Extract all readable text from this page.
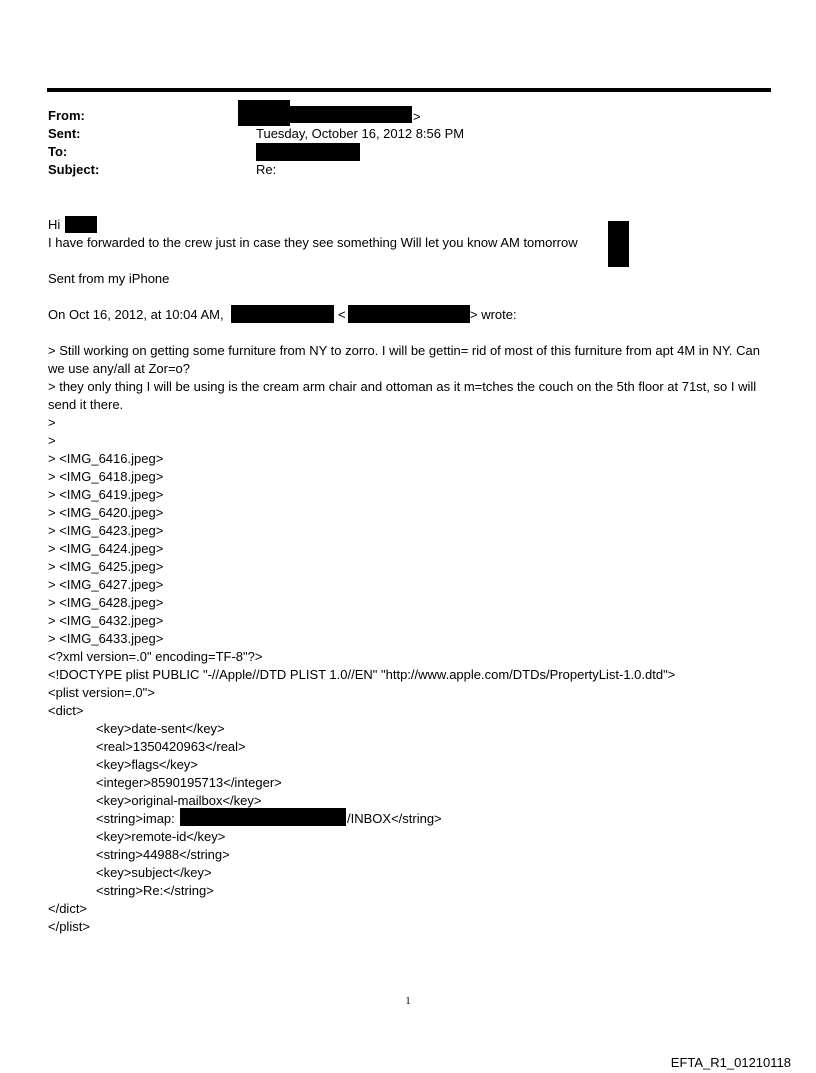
From:	>
Sent:	Tuesday, October 16, 2012 8:56 PM
To:
Subject:	Re:
Hi
I have forwarded to the crew just in case they see something Will let you know AM tomorrow
Sent from my iPhone
On Oct 16, 2012, at 10:04 AM,	<	> wrote:
> Still working on getting some furniture from NY to zorro. I will be gettin= rid of most of this furniture from apt 4M in NY. Can we use any/all at Zor=o?
> they only thing I will be using is the cream arm chair and ottoman as it m=tches the couch on the 5th floor at 71st, so I will send it there.
>
>
> <IMG_6416.jpeg>
> <IMG_6418.jpeg>
> <IMG_6419.jpeg>
> <IMG_6420.jpeg>
> <IMG_6423.jpeg>
> <IMG_6424.jpeg>
> <IMG_6425.jpeg>
> <IMG_6427.jpeg>
> <IMG_6428.jpeg>
> <IMG_6432.jpeg>
> <IMG_6433.jpeg>
<?xml version=.0" encoding=TF-8"?>
<!DOCTYPE plist PUBLIC "-//Apple//DTD PLIST 1.0//EN" "http://www.apple.com/DTDs/PropertyList-1.0.dtd">
<plist version=.0">
<dict>
<key>date-sent</key>
<real>1350420963</real>
<key>flags</key>
<integer>8590195713</integer>
<key>original-mailbox</key>
<string>imap:	/INBOX</string>
<key>remote-id</key>
<string>44988</string>
<key>subject</key>
<string>Re:</string>
</dict>
</plist>
1
EFTA_R1_01210118
